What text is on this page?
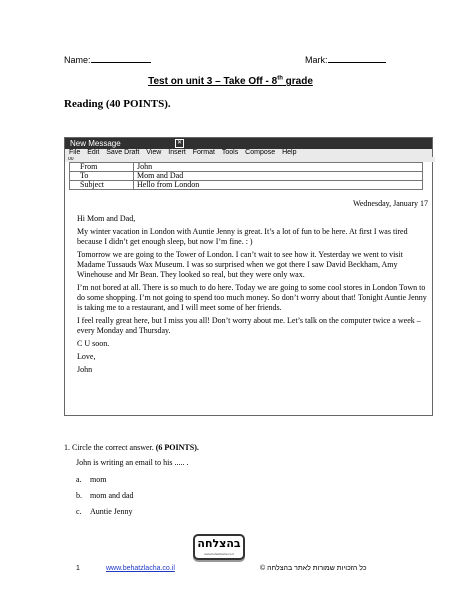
Name:	Mark:
Test on unit 3 – Take Off - 8th grade
Reading (40 POINTS).
New Message	✕
File Edit Save Draft View Insert Format Tools Compose Help
00
From	John
To	Mom and Dad
Subject	Hello from London
Wednesday, January 17

Hi Mom and Dad,

My winter vacation in London with Auntie Jenny is great. It’s a lot of fun to be here. At first I was tired because I didn’t get enough sleep, but now I’m fine. : )

Tomorrow we are going to the Tower of London. I can’t wait to see how it. Yesterday we went to visit Madame Tussauds Wax Museum. I was so surprised when we got there I saw David Beckham, Amy Winehouse and Mr Bean. They looked so real, but they were only wax.

I’m not bored at all. There is so much to do here. Today we are going to some cool stores in London Town to do some shopping. I’m not going to spend too much money. So don’t worry about that! Tonight Auntie Jenny is taking me to a restaurant, and I will meet some of her friends.

I feel really great here, but I miss you all! Don’t worry about me. Let’s talk on the computer twice a week – every Monday and Thursday.

C U soon.

Love,

John

1. Circle the correct answer. (6 POINTS).
John is writing an email to his ..... .
a. mom
b. mom and dad
c. Auntie Jenny
בהצלחה
www.behatzlacha.co.il
1	www.behatzlacha.co.il	כל הזכויות שמורות לאתר בהצלחה ©
